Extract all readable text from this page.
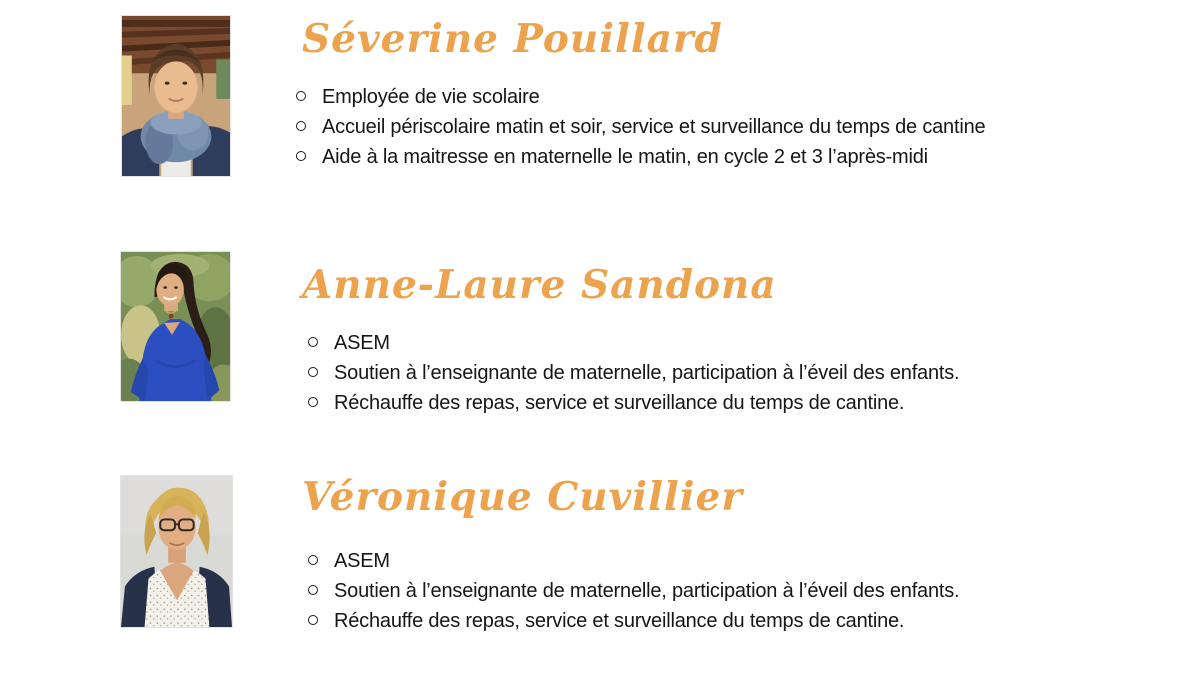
Séverine Pouillard
Employée de vie scolaire
Accueil périscolaire matin et soir, service et surveillance du temps de cantine
Aide à la maitresse en maternelle le matin, en cycle 2 et 3 l’après-midi
Anne-Laure Sandona
ASEM
Soutien à l’enseignante de maternelle, participation à l’éveil des enfants.
Réchauffe des repas, service et surveillance du temps de cantine.
Véronique Cuvillier
ASEM
Soutien à l’enseignante de maternelle, participation à l’éveil des enfants.
Réchauffe des repas, service et surveillance du temps de cantine.
